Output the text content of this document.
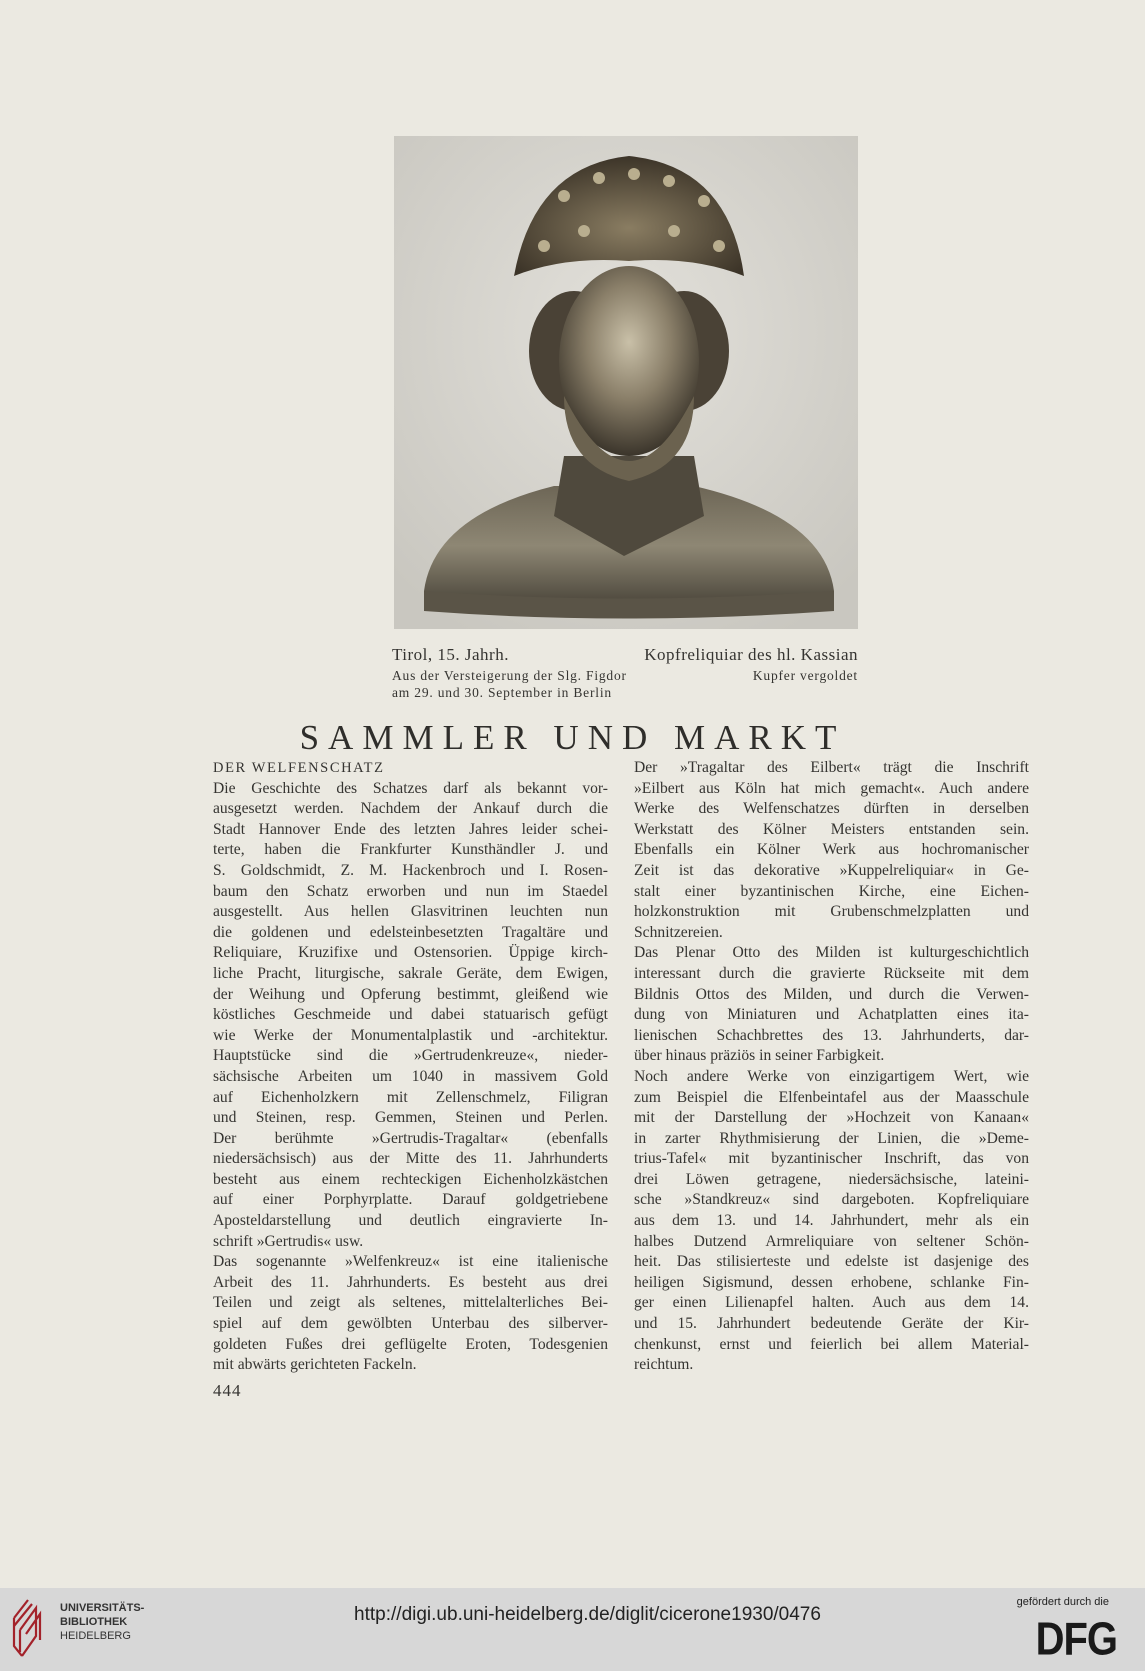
Tirol, 15. Jahrh.	Kopfreliquiar des hl. Kassian
Aus der Versteigerung der Slg. Figdor	Kupfer vergoldet
am 29. und 30. September in Berlin
SAMMLER UND MARKT
DER WELFENSCHATZ
Die Geschichte des Schatzes darf als bekannt vor-
ausgesetzt werden. Nachdem der Ankauf durch die
Stadt Hannover Ende des letzten Jahres leider schei-
terte, haben die Frankfurter Kunsthändler J. und
S. Goldschmidt, Z. M. Hackenbroch und I. Rosen-
baum den Schatz erworben und nun im Staedel
ausgestellt. Aus hellen Glasvitrinen leuchten nun
die goldenen und edelsteinbesetzten Tragaltäre und
Reliquiare, Kruzifixe und Ostensorien. Üppige kirch-
liche Pracht, liturgische, sakrale Geräte, dem Ewigen,
der Weihung und Opferung bestimmt, gleißend wie
köstliches Geschmeide und dabei statuarisch gefügt
wie Werke der Monumentalplastik und -architektur.
Hauptstücke sind die »Gertrudenkreuze«, nieder-
sächsische Arbeiten um 1040 in massivem Gold
auf Eichenholzkern mit Zellenschmelz, Filigran
und Steinen, resp. Gemmen, Steinen und Perlen.
Der berühmte »Gertrudis-Tragaltar« (ebenfalls
niedersächsisch) aus der Mitte des 11. Jahrhunderts
besteht aus einem rechteckigen Eichenholzkästchen
auf einer Porphyrplatte. Darauf goldgetriebene
Aposteldarstellung und deutlich eingravierte In-
schrift »Gertrudis« usw.
Das sogenannte »Welfenkreuz« ist eine italienische
Arbeit des 11. Jahrhunderts. Es besteht aus drei
Teilen und zeigt als seltenes, mittelalterliches Bei-
spiel auf dem gewölbten Unterbau des silberver-
goldeten Fußes drei geflügelte Eroten, Todesgenien
mit abwärts gerichteten Fackeln.
Der »Tragaltar des Eilbert« trägt die Inschrift
»Eilbert aus Köln hat mich gemacht«. Auch andere
Werke des Welfenschatzes dürften in derselben
Werkstatt des Kölner Meisters entstanden sein.
Ebenfalls ein Kölner Werk aus hochromanischer
Zeit ist das dekorative »Kuppelreliquiar« in Ge-
stalt einer byzantinischen Kirche, eine Eichen-
holzkonstruktion mit Grubenschmelzplatten und
Schnitzereien.
Das Plenar Otto des Milden ist kulturgeschichtlich
interessant durch die gravierte Rückseite mit dem
Bildnis Ottos des Milden, und durch die Verwen-
dung von Miniaturen und Achatplatten eines ita-
lienischen Schachbrettes des 13. Jahrhunderts, dar-
über hinaus präziös in seiner Farbigkeit.
Noch andere Werke von einzigartigem Wert, wie
zum Beispiel die Elfenbeintafel aus der Maasschule
mit der Darstellung der »Hochzeit von Kanaan«
in zarter Rhythmisierung der Linien, die »Deme-
trius-Tafel« mit byzantinischer Inschrift, das von
drei Löwen getragene, niedersächsische, lateini-
sche »Standkreuz« sind dargeboten. Kopfreliquiare
aus dem 13. und 14. Jahrhundert, mehr als ein
halbes Dutzend Armreliquiare von seltener Schön-
heit. Das stilisierteste und edelste ist dasjenige des
heiligen Sigismund, dessen erhobene, schlanke Fin-
ger einen Lilienapfel halten. Auch aus dem 14.
und 15. Jahrhundert bedeutende Geräte der Kir-
chenkunst, ernst und feierlich bei allem Material-
reichtum.
444
UNIVERSITÄTS-
BIBLIOTHEK
HEIDELBERG
http://digi.ub.uni-heidelberg.de/diglit/cicerone1930/0476
gefördert durch die
DFG
